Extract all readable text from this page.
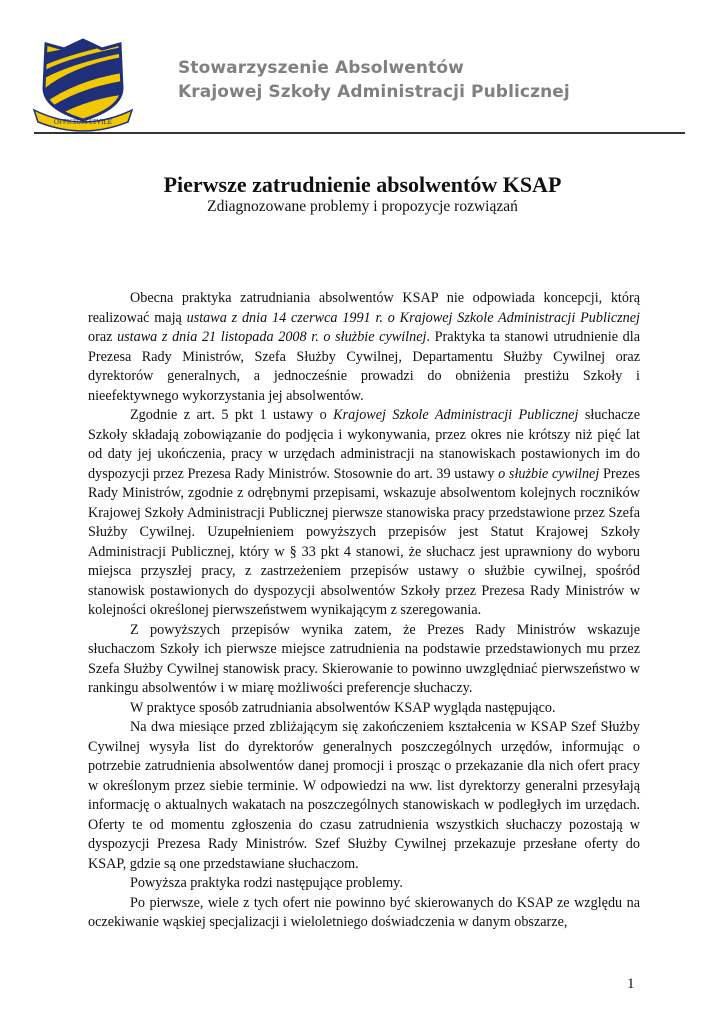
OFFICIUM CIVILE
Stowarzyszenie Absolwentów
Krajowej Szkoły Administracji Publicznej
Pierwsze zatrudnienie absolwentów KSAP
Zdiagnozowane problemy i propozycje rozwiązań

Obecna praktyka zatrudniania absolwentów KSAP nie odpowiada koncepcji, którą realizować mają ustawa z dnia 14 czerwca 1991 r. o Krajowej Szkole Administracji Publicznej oraz ustawa z dnia 21 listopada 2008 r. o służbie cywilnej. Praktyka ta stanowi utrudnienie dla Prezesa Rady Ministrów, Szefa Służby Cywilnej, Departamentu Służby Cywilnej oraz dyrektorów generalnych, a jednocześnie prowadzi do obniżenia prestiżu Szkoły i nieefektywnego wykorzystania jej absolwentów.

Zgodnie z art. 5 pkt 1 ustawy o Krajowej Szkole Administracji Publicznej słuchacze Szkoły składają zobowiązanie do podjęcia i wykonywania, przez okres nie krótszy niż pięć lat od daty jej ukończenia, pracy w urzędach administracji na stanowiskach postawionych im do dyspozycji przez Prezesa Rady Ministrów. Stosownie do art. 39 ustawy o służbie cywilnej Prezes Rady Ministrów, zgodnie z odrębnymi przepisami, wskazuje absolwentom kolejnych roczników Krajowej Szkoły Administracji Publicznej pierwsze stanowiska pracy przedstawione przez Szefa Służby Cywilnej. Uzupełnieniem powyższych przepisów jest Statut Krajowej Szkoły Administracji Publicznej, który w § 33 pkt 4 stanowi, że słuchacz jest uprawniony do wyboru miejsca przyszłej pracy, z zastrzeżeniem przepisów ustawy o służbie cywilnej, spośród stanowisk postawionych do dyspozycji absolwentów Szkoły przez Prezesa Rady Ministrów w kolejności określonej pierwszeństwem wynikającym z szeregowania.

Z powyższych przepisów wynika zatem, że Prezes Rady Ministrów wskazuje słuchaczom Szkoły ich pierwsze miejsce zatrudnienia na podstawie przedstawionych mu przez Szefa Służby Cywilnej stanowisk pracy. Skierowanie to powinno uwzględniać pierwszeństwo w rankingu absolwentów i w miarę możliwości preferencje słuchaczy.

W praktyce sposób zatrudniania absolwentów KSAP wygląda następująco.

Na dwa miesiące przed zbliżającym się zakończeniem kształcenia w KSAP Szef Służby Cywilnej wysyła list do dyrektorów generalnych poszczególnych urzędów, informując o potrzebie zatrudnienia absolwentów danej promocji i prosząc o przekazanie dla nich ofert pracy w określonym przez siebie terminie. W odpowiedzi na ww. list dyrektorzy generalni przesyłają informację o aktualnych wakatach na poszczególnych stanowiskach w podległych im urzędach. Oferty te od momentu zgłoszenia do czasu zatrudnienia wszystkich słuchaczy pozostają w dyspozycji Prezesa Rady Ministrów. Szef Służby Cywilnej przekazuje przesłane oferty do KSAP, gdzie są one przedstawiane słuchaczom.

Powyższa praktyka rodzi następujące problemy.

Po pierwsze, wiele z tych ofert nie powinno być skierowanych do KSAP ze względu na oczekiwanie wąskiej specjalizacji i wieloletniego doświadczenia w danym obszarze,

1
